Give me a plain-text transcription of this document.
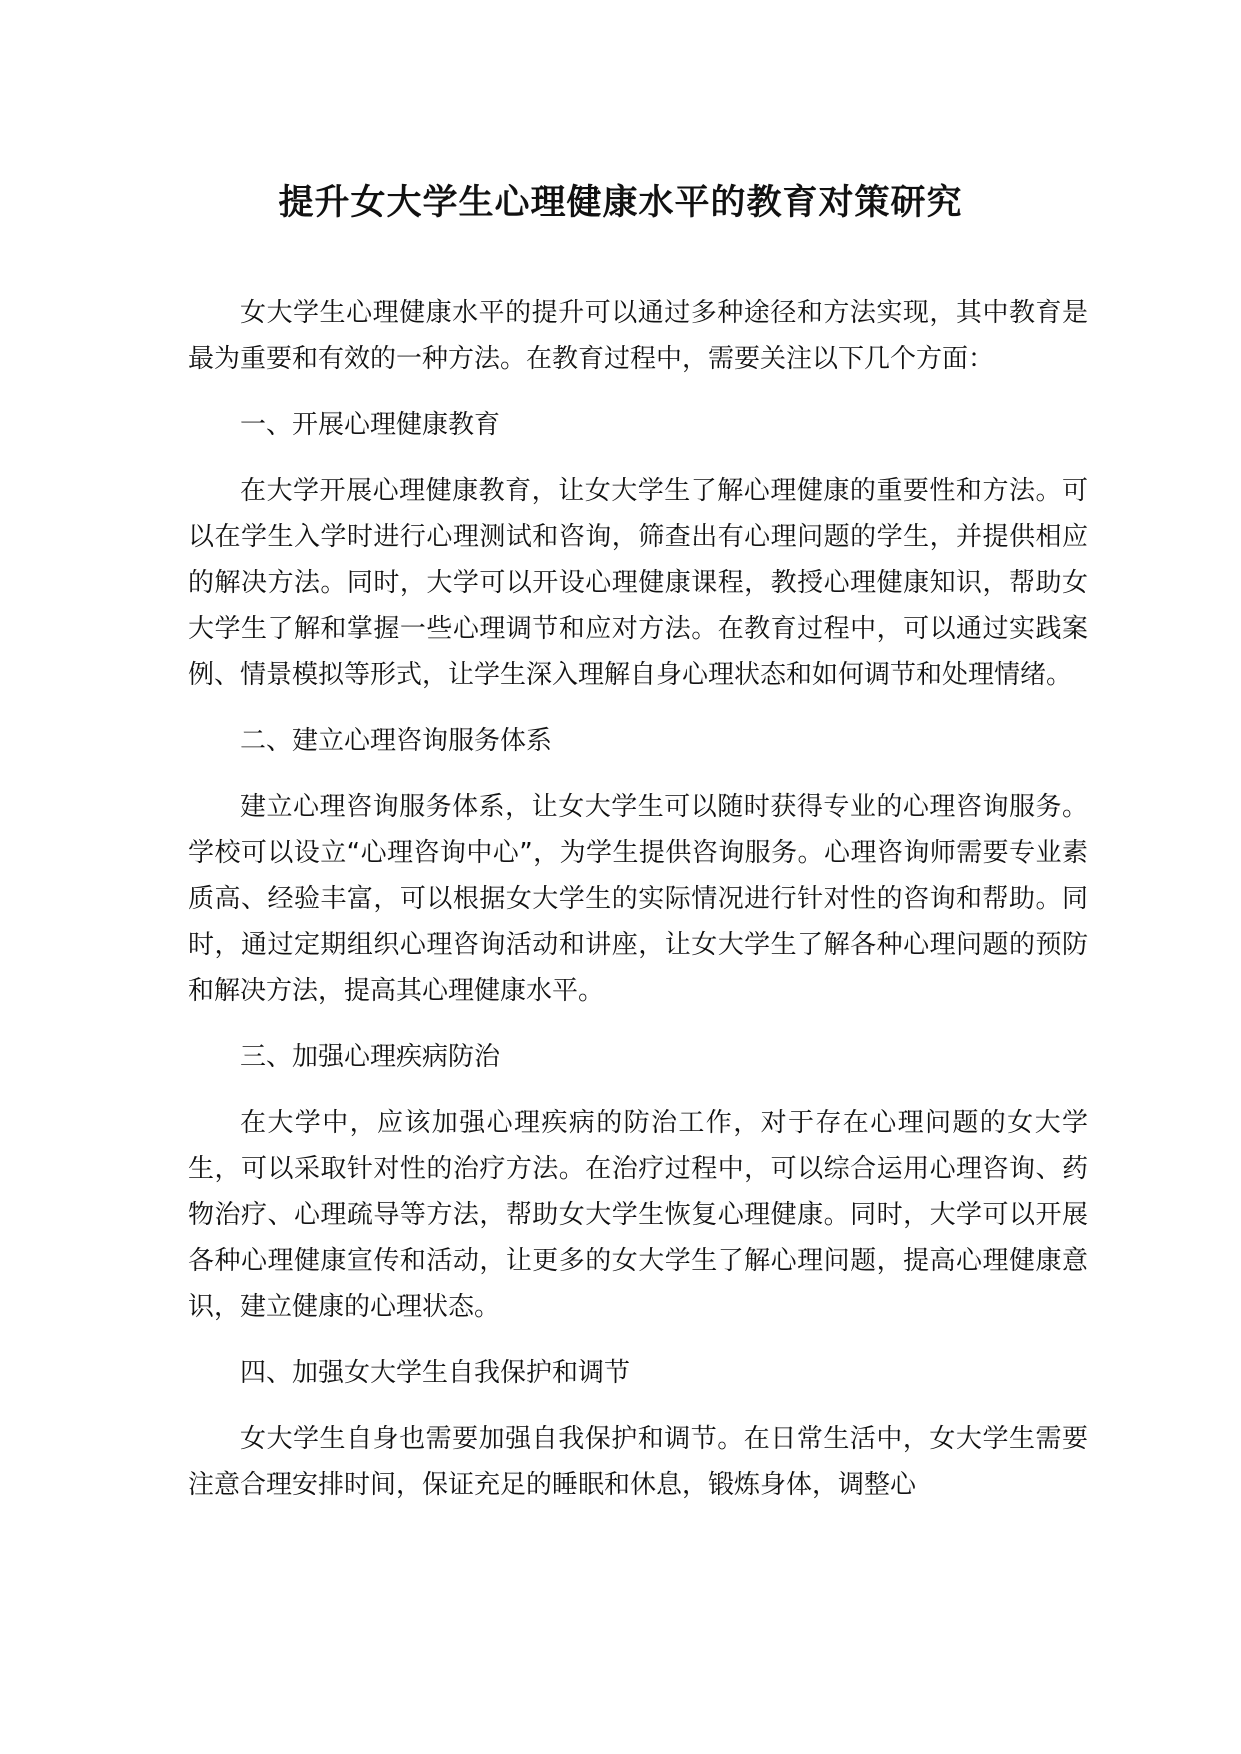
提升女大学生心理健康水平的教育对策研究

女大学生心理健康水平的提升可以通过多种途径和方法实现，其中教育是最为重要和有效的一种方法。在教育过程中，需要关注以下几个方面：

一、开展心理健康教育

在大学开展心理健康教育，让女大学生了解心理健康的重要性和方法。可以在学生入学时进行心理测试和咨询，筛查出有心理问题的学生，并提供相应的解决方法。同时，大学可以开设心理健康课程，教授心理健康知识，帮助女大学生了解和掌握一些心理调节和应对方法。在教育过程中，可以通过实践案例、情景模拟等形式，让学生深入理解自身心理状态和如何调节和处理情绪。

二、建立心理咨询服务体系

建立心理咨询服务体系，让女大学生可以随时获得专业的心理咨询服务。学校可以设立“心理咨询中心”，为学生提供咨询服务。心理咨询师需要专业素质高、经验丰富，可以根据女大学生的实际情况进行针对性的咨询和帮助。同时，通过定期组织心理咨询活动和讲座，让女大学生了解各种心理问题的预防和解决方法，提高其心理健康水平。

三、加强心理疾病防治

在大学中，应该加强心理疾病的防治工作，对于存在心理问题的女大学生，可以采取针对性的治疗方法。在治疗过程中，可以综合运用心理咨询、药物治疗、心理疏导等方法，帮助女大学生恢复心理健康。同时，大学可以开展各种心理健康宣传和活动，让更多的女大学生了解心理问题，提高心理健康意识，建立健康的心理状态。

四、加强女大学生自我保护和调节

女大学生自身也需要加强自我保护和调节。在日常生活中，女大学生需要注意合理安排时间，保证充足的睡眠和休息，锻炼身体，调整心
